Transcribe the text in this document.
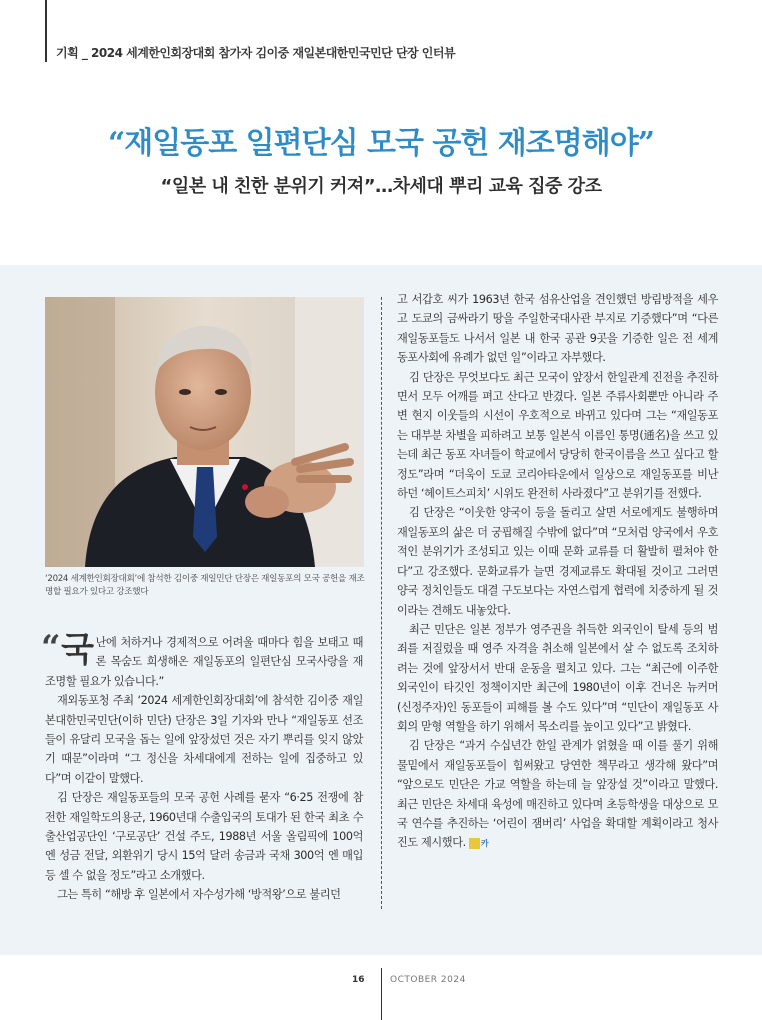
기획 _ 2024 세계한인회장대회 참가자 김이중 재일본대한민국민단 단장 인터뷰
“재일동포 일편단심 모국 공헌 재조명해야”
“일본 내 친한 분위기 커져”…차세대 뿌리 교육 집중 강조
‘2024 세계한인회장대회’에 참석한 김이중 재일민단 단장은 재일동포의 모국 공헌을 재조명할 필요가 있다고 강조했다

“ 국 난에 처하거나 경제적으로 어려울 때마다 힘을 보태고 때론 목숨도 희생해온 재일동포의 일편단심 모국사랑을 재조명할 필요가 있습니다.”

재외동포청 주최 ‘2024 세계한인회장대회’에 참석한 김이중 재일본대한민국민단(이하 민단) 단장은 3일 기자와 만나 “재일동포 선조들이 유달리 모국을 돕는 일에 앞장섰던 것은 자기 뿌리를 잊지 않았기 때문”이라며 “그 정신을 차세대에게 전하는 일에 집중하고 있다”며 이같이 말했다.

김 단장은 재일동포들의 모국 공헌 사례를 묻자 “6·25 전쟁에 참전한 재일학도의용군, 1960년대 수출입국의 토대가 된 한국 최초 수출산업공단인 ‘구로공단’ 건설 주도, 1988년 서울 올림픽에 100억 엔 성금 전달, 외환위기 당시 15억 달러 송금과 국채 300억 엔 매입 등 셀 수 없을 정도”라고 소개했다.

그는 특히 “해방 후 일본에서 자수성가해 ‘방적왕’으로 불리던

고 서갑호 씨가 1963년 한국 섬유산업을 견인했던 방림방적을 세우고 도쿄의 금싸라기 땅을 주일한국대사관 부지로 기증했다”며 “다른 재일동포들도 나서서 일본 내 한국 공관 9곳을 기증한 일은 전 세계 동포사회에 유례가 없던 일”이라고 자부했다.

김 단장은 무엇보다도 최근 모국이 앞장서 한일관계 진전을 추진하면서 모두 어깨를 펴고 산다고 반겼다. 일본 주류사회뿐만 아니라 주변 현지 이웃들의 시선이 우호적으로 바뀌고 있다며 그는 “재일동포는 대부분 차별을 피하려고 보통 일본식 이름인 통명(通名)을 쓰고 있는데 최근 동포 자녀들이 학교에서 당당히 한국이름을 쓰고 싶다고 할 정도”라며 “더욱이 도쿄 코리아타운에서 일상으로 재일동포를 비난하던 ‘헤이트스피치’ 시위도 완전히 사라졌다”고 분위기를 전했다.

김 단장은 “이웃한 양국이 등을 돌리고 살면 서로에게도 불행하며 재일동포의 삶은 더 궁핍해질 수밖에 없다”며 “모처럼 양국에서 우호적인 분위기가 조성되고 있는 이때 문화 교류를 더 활발히 펼쳐야 한다”고 강조했다. 문화교류가 늘면 경제교류도 확대될 것이고 그러면 양국 정치인들도 대결 구도보다는 자연스럽게 협력에 치중하게 될 것이라는 견해도 내놓았다.

최근 민단은 일본 정부가 영주권을 취득한 외국인이 탈세 등의 범죄를 저질렀을 때 영주 자격을 취소해 일본에서 살 수 없도록 조치하려는 것에 앞장서서 반대 운동을 펼치고 있다. 그는 “최근에 이주한 외국인이 타깃인 정책이지만 최근에 1980년이 이후 건너온 뉴커머(신정주자)인 동포들이 피해를 볼 수도 있다”며 “민단이 재일동포 사회의 맏형 역할을 하기 위해서 목소리를 높이고 있다”고 밝혔다.

김 단장은 “과거 수십년간 한일 관계가 얽혔을 때 이를 풀기 위해 물밑에서 재일동포들이 힘써왔고 당연한 책무라고 생각해 왔다”며 “앞으로도 민단은 가교 역할을 하는데 늘 앞장설 것”이라고 말했다. 최근 민단은 차세대 육성에 매진하고 있다며 초등학생을 대상으로 모국 연수를 추진하는 ‘어린이 잼버리’ 사업을 확대할 계획이라고 청사진도 제시했다. 카

16	OCTOBER 2024
